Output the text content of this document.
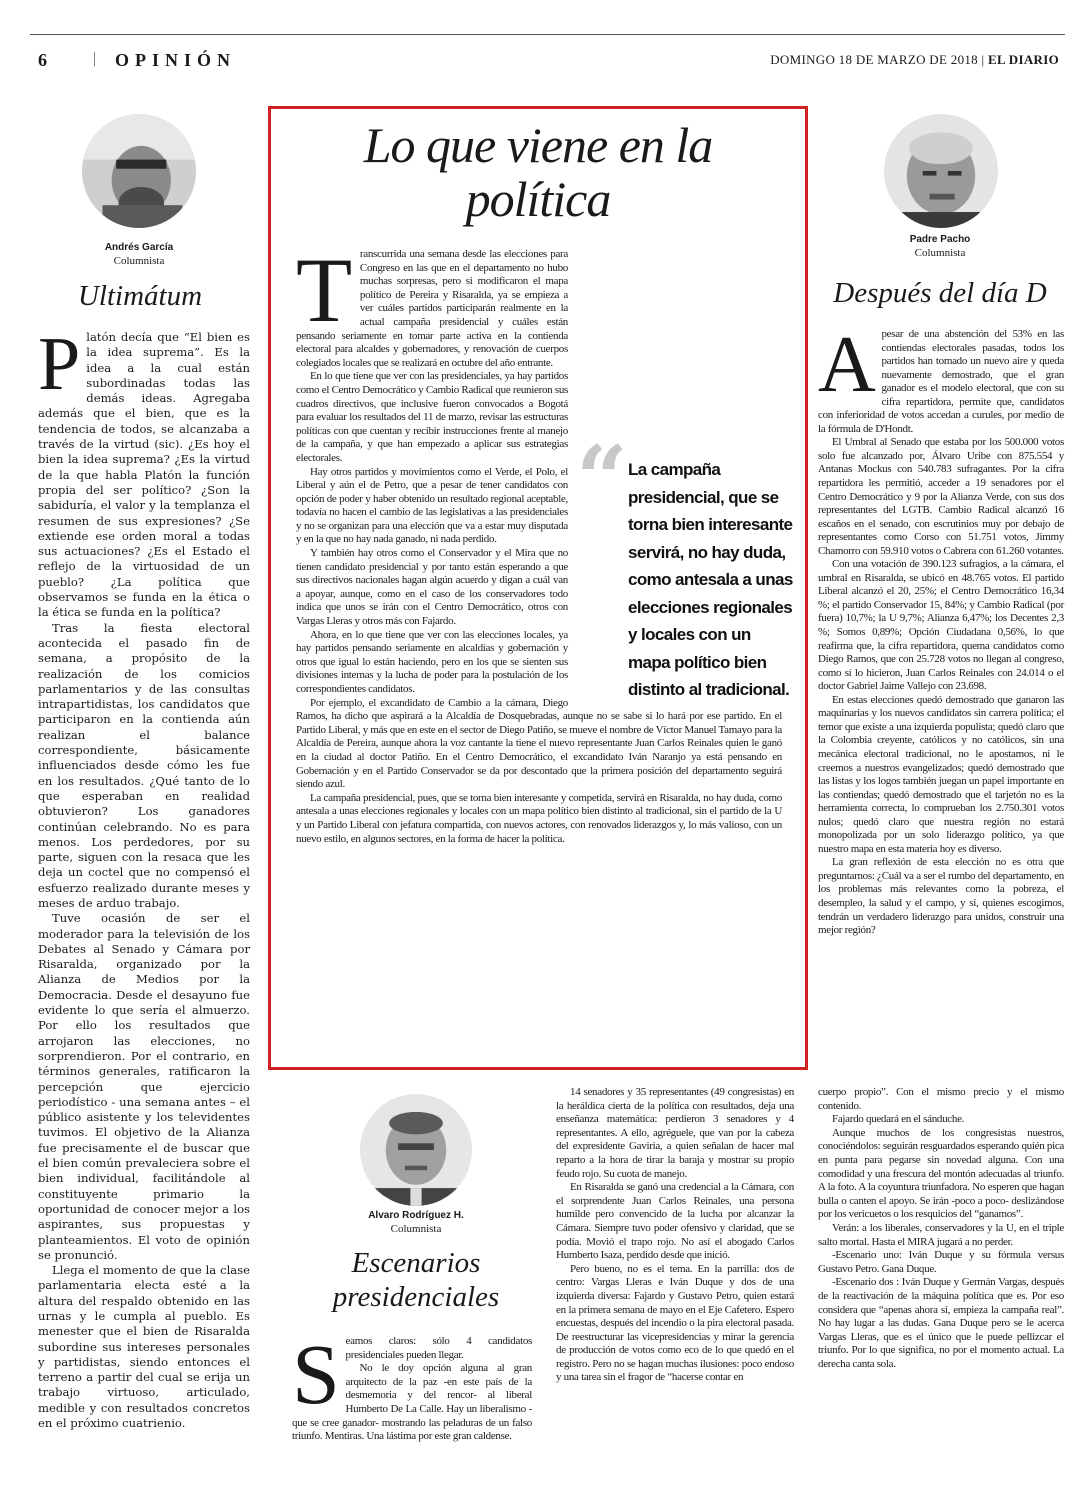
6	| OPINIÓN	DOMINGO 18 DE MARZO DE 2018 | EL DIARIO
Andrés García
Columnista
Ultimátum
P latón decía que “El bien es la idea suprema”. Es la idea a la cual están subordinadas todas las demás ideas. Agregaba además que el bien, que es la tendencia de todos, se alcanzaba a través de la virtud (sic). ¿Es hoy el bien la idea suprema? ¿Es la virtud de la que habla Platón la función propia del ser político? ¿Son la sabiduría, el valor y la templanza el resumen de sus expresiones? ¿Se extiende ese orden moral a todas sus actuaciones? ¿Es el Estado el reflejo de la virtuosidad de un pueblo? ¿La política que observamos se funda en la ética o la ética se funda en la política?

Tras la fiesta electoral acontecida el pasado fin de semana, a propósito de la realización de los comicios parlamentarios y de las consultas intrapartidistas, los candidatos que participaron en la contienda aún realizan el balance correspondiente, básicamente influenciados desde cómo les fue en los resultados. ¿Qué tanto de lo que esperaban en realidad obtuvieron? Los ganadores continúan celebrando. No es para menos. Los perdedores, por su parte, siguen con la resaca que les deja un coctel que no compensó el esfuerzo realizado durante meses y meses de arduo trabajo.

Tuve ocasión de ser el moderador para la televisión de los Debates al Senado y Cámara por Risaralda, organizado por la Alianza de Medios por la Democracia. Desde el desayuno fue evidente lo que sería el almuerzo. Por ello los resultados que arrojaron las elecciones, no sorprendieron. Por el contrario, en términos generales, ratificaron la percepción que ejercicio periodístico - una semana antes – el público asistente y los televidentes tuvimos. El objetivo de la Alianza fue precisamente el de buscar que el bien común prevaleciera sobre el bien individual, facilitándole al constituyente primario la oportunidad de conocer mejor a los aspirantes, sus propuestas y planteamientos. El voto de opinión se pronunció.

Llega el momento de que la clase parlamentaria electa esté a la altura del respaldo obtenido en las urnas y le cumpla al pueblo. Es menester que el bien de Risaralda subordine sus intereses personales y partidistas, siendo entonces el terreno a partir del cual se erija un trabajo virtuoso, articulado, medible y con resultados concretos en el próximo cuatrienio.

Lo que viene en la política
“ La campaña presidencial, que se torna bien interesante servirá, no hay duda, como antesala a unas elecciones regionales y locales con un mapa político bien distinto al tradicional.
T ranscurrida una semana desde las elecciones para Congreso en las que en el departamento no hubo muchas sorpresas, pero si modificaron el mapa político de Pereira y Risaralda, ya se empieza a ver cuáles partidos participarán realmente en la actual campaña presidencial y cuáles están pensando seriamente en tomar parte activa en la contienda electoral para alcaldes y gobernadores, y renovación de cuerpos colegiados locales que se realizará en octubre del año entrante.

En lo que tiene que ver con las presidenciales, ya hay partidos como el Centro Democrático y Cambio Radical que reunieron sus cuadros directivos, que inclusive fueron convocados a Bogotá para evaluar los resultados del 11 de marzo, revisar las estructuras políticas con que cuentan y recibir instrucciones frente al manejo de la campaña, y que han empezado a aplicar sus estrategias electorales.

Hay otros partidos y movimientos como el Verde, el Polo, el Liberal y aún el de Petro, que a pesar de tener candidatos con opción de poder y haber obtenido un resultado regional aceptable, todavía no hacen el cambio de las legislativas a las presidenciales y no se organizan para una elección que va a estar muy disputada y en la que no hay nada ganado, ni nada perdido.

Y también hay otros como el Conservador y el Mira que no tienen candidato presidencial y por tanto están esperando a que sus directivos nacionales hagan algún acuerdo y digan a cuál van a apoyar, aunque, como en el caso de los conservadores todo indica que unos se irán con el Centro Democrático, otros con Vargas Lleras y otros más con Fajardo.

Ahora, en lo que tiene que ver con las elecciones locales, ya hay partidos pensando seriamente en alcaldías y gobernación y otros que igual lo están haciendo, pero en los que se sienten sus divisiones internas y la lucha de poder para la postulación de los correspondientes candidatos.

Por ejemplo, el excandidato de Cambio a la cámara, Diego Ramos, ha dicho que aspirará a la Alcaldía de Dosquebradas, aunque no se sabe si lo hará por ese partido. En el Partido Liberal, y más que en este en el sector de Diego Patiño, se mueve el nombre de Víctor Manuel Tamayo para la Alcaldía de Pereira, aunque ahora la voz cantante la tiene el nuevo representante Juan Carlos Reinales quien le ganó en la ciudad al doctor Patiño. En el Centro Democrático, el excandidato Iván Naranjo ya está pensando en Gobernación y en el Partido Conservador se da por descontado que la primera posición del departamento seguirá siendo azul.

La campaña presidencial, pues, que se torna bien interesante y competida, servirá en Risaralda, no hay duda, como antesala a unas elecciones regionales y locales con un mapa político bien distinto al tradicional, sin el partido de la U y un Partido Liberal con jefatura compartida, con nuevos actores, con renovados liderazgos y, lo más valioso, con un nuevo estilo, en algunos sectores, en la forma de hacer la política.

Padre Pacho
Columnista
Después del día D
A pesar de una abstención del 53% en las contiendas electorales pasadas, todos los partidos han tomado un nuevo aire y queda nuevamente demostrado, que el gran ganador es el modelo electoral, que con su cifra repartidora, permite que, candidatos con inferioridad de votos accedan a curules, por medio de la fórmula de D'Hondt.

El Umbral al Senado que estaba por los 500.000 votos solo fue alcanzado por, Álvaro Uribe con 875.554 y Antanas Mockus con 540.783 sufragantes. Por la cifra repartidora les permitió, acceder a 19 senadores por el Centro Democrático y 9 por la Alianza Verde, con sus dos representantes del LGTB. Cambio Radical alcanzó 16 escaños en el senado, con escrutinios muy por debajo de representantes como Corso con 51.751 votos, Jimmy Chamorro con 59.910 votos o Cabrera con 61.260 votantes.

Con una votación de 390.123 sufragios, a la cámara, el umbral en Risaralda, se ubicó en 48.765 votos. El partido Liberal alcanzó el 20, 25%; el Centro Democrático 16,34 %; el partido Conservador 15, 84%; y Cambio Radical (por fuera) 10,7%; la U 9,7%; Alianza 6,47%; los Decentes 2,3 %; Somos 0,89%; Opción Ciudadana 0,56%, lo que reafirma que, la cifra repartidora, quema candidatos como Diego Ramos, que con 25.728 votos no llegan al congreso, como sí lo hicieron, Juan Carlos Reinales con 24.014 o el doctor Gabriel Jaime Vallejo con 23.698.

En estas elecciones quedó demostrado que ganaron las maquinarias y los nuevos candidatos sin carrera política; el temor que existe a una izquierda populista; quedó claro que la Colombia creyente, católicos y no católicos, sin una mecánica electoral tradicional, no le apostamos, ni le creemos a nuestros evangelizados; quedó demostrado que las listas y los logos también juegan un papel importante en las contiendas; quedó demostrado que el tarjetón no es la herramienta correcta, lo comprueban los 2.750.301 votos nulos; quedó claro que nuestra región no estará monopolizada por un solo liderazgo político, ya que nuestro mapa en esta materia hoy es diverso.

La gran reflexión de esta elección no es otra que preguntarnos: ¿Cuál va a ser el rumbo del departamento, en los problemas más relevantes como la pobreza, el desempleo, la salud y el campo, y sí, quienes escogimos, tendrán un verdadero liderazgo para unidos, construir una mejor región?

Alvaro Rodríguez H.
Columnista
Escenarios presidenciales
S eamos claros: sólo 4 candidatos presidenciales pueden llegar.

No le doy opción alguna al gran arquitecto de la paz -en este país de la desmemoria y del rencor- al liberal Humberto De La Calle. Hay un liberalismo -que se cree ganador- mostrando las peladuras de un falso triunfo. Mentiras. Una lástima por este gran caldense.

14 senadores y 35 representantes (49 congresistas) en la heráldica cierta de la política con resultados, deja una enseñanza matemática: perdieron 3 senadores y 4 representantes. A ello, agréguele, que van por la cabeza del expresidente Gaviria, a quien señalan de hacer mal reparto a la hora de tirar la baraja y mostrar su propio feudo rojo. Su cuota de manejo.

En Risaralda se ganó una credencial a la Cámara, con el sorprendente Juan Carlos Reinales, una persona humilde pero convencido de la lucha por alcanzar la Cámara. Siempre tuvo poder ofensivo y claridad, que se podía. Movió el trapo rojo. No así el abogado Carlos Humberto Isaza, perdido desde que inició.

Pero bueno, no es el tema. En la parrilla: dos de centro: Vargas Lleras e Iván Duque y dos de una izquierda diversa: Fajardo y Gustavo Petro, quien estará en la primera semana de mayo en el Eje Cafetero. Espero encuestas, después del incendio o la pira electoral pasada. De reestructurar las vicepresidencias y mirar la gerencia de producción de votos como eco de lo que quedó en el registro. Pero no se hagan muchas ilusiones: poco endoso y una tarea sin el fragor de “hacerse contar en

cuerpo propio”. Con el mismo precio y el mismo contenido.

Fajardo quedará en el sánduche.

Aunque muchos de los congresistas nuestros, conociéndolos: seguirán resguardados esperando quién pica en punta para pegarse sin novedad alguna. Con una comodidad y una frescura del montón adecuadas al triunfo. A la foto. A la coyuntura triunfadora. No esperen que hagan bulla o canten el apoyo. Se irán -poco a poco- deslizándose por los vericuetos o los resquicios del “ganamos”.

Verán: a los liberales, conservadores y la U, en el triple salto mortal. Hasta el MIRA jugará a no perder.

-Escenario uno: Iván Duque y su fórmula versus Gustavo Petro. Gana Duque.

-Escenario dos : Iván Duque y Germán Vargas, después de la reactivación de la máquina política que es. Por eso considera que “apenas ahora sí, empieza la campaña real”. No hay lugar a las dudas. Gana Duque pero se le acerca Vargas Lleras, que es el único que le puede pellizcar el triunfo. Por lo que significa, no por el momento actual. La derecha canta sola.
